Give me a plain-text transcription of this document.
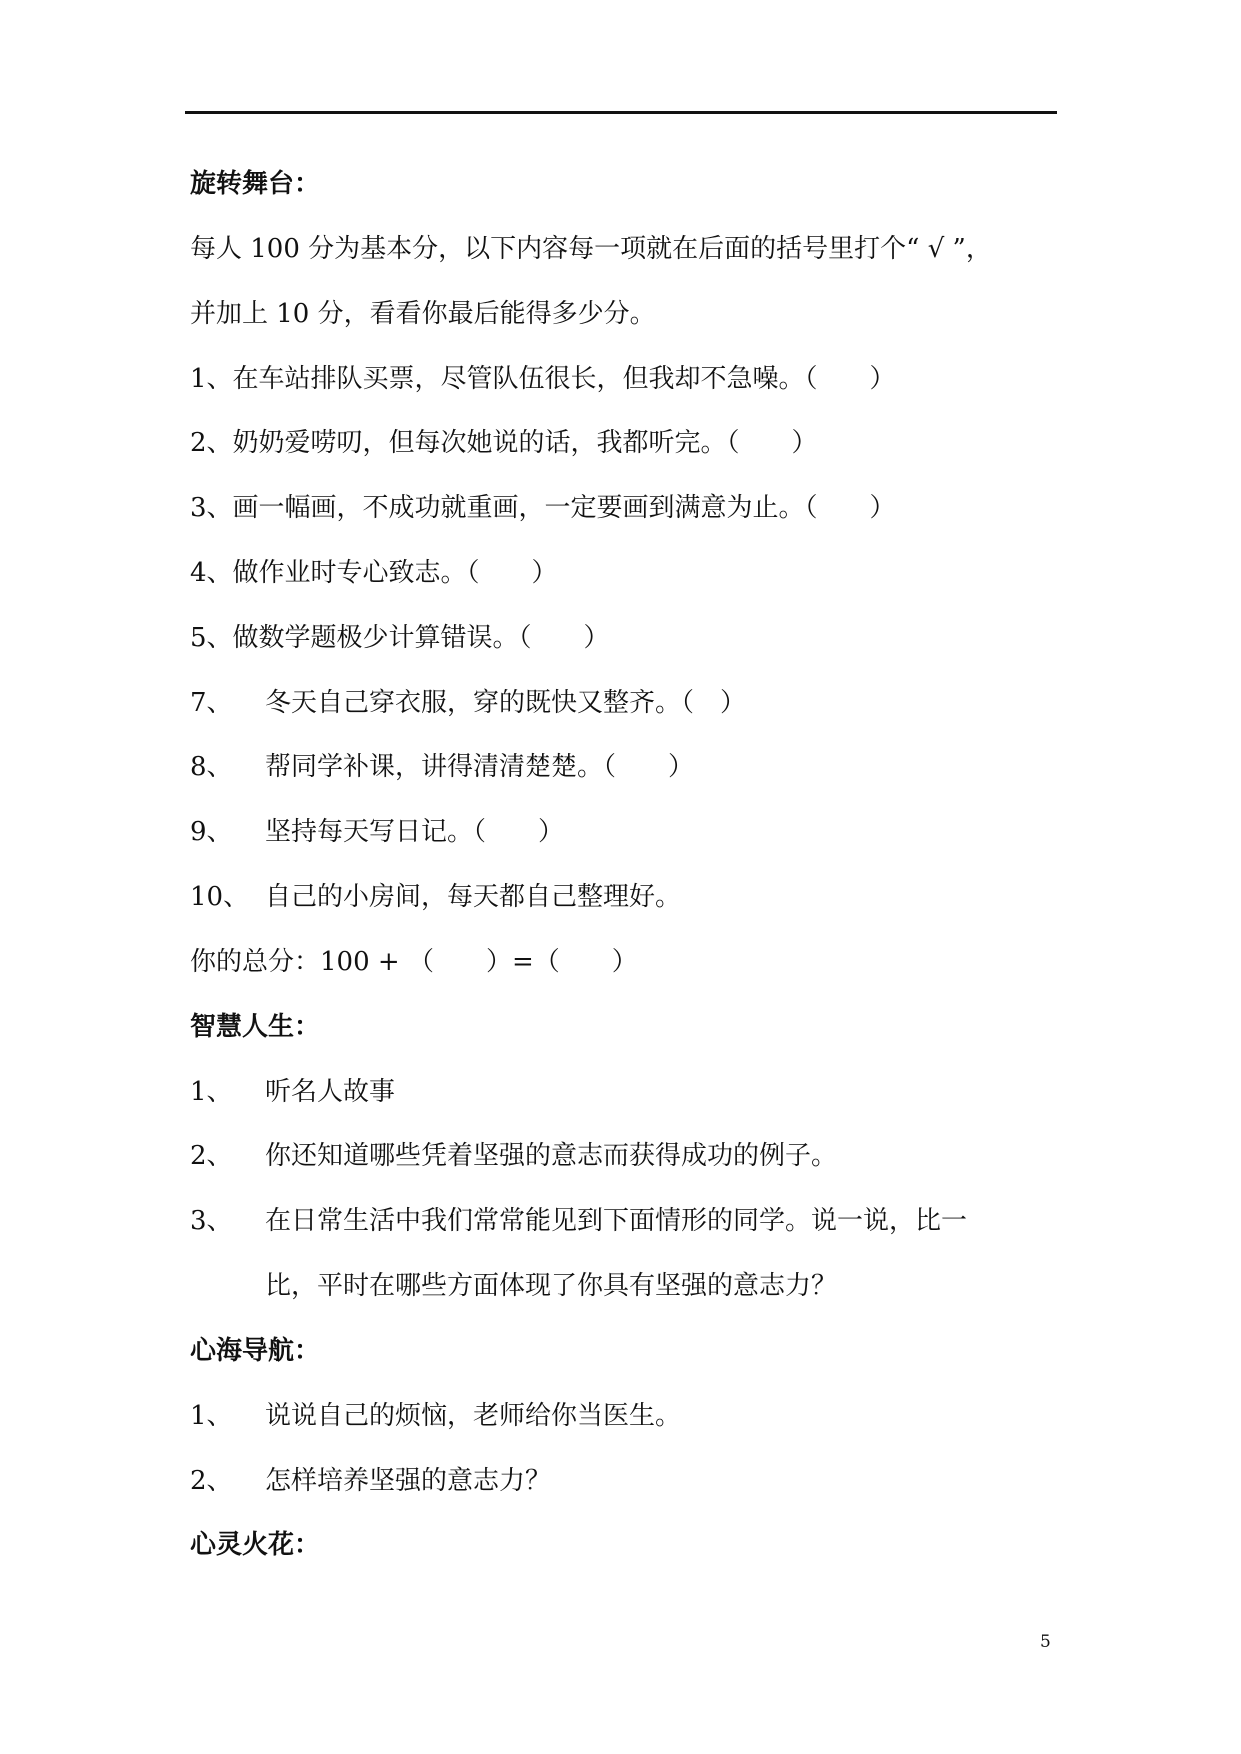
旋转舞台：
每人 100 分为基本分，以下内容每一项就在后面的括号里打个“ √ ”，
并加上 10 分，看看你最后能得多少分。
1、在车站排队买票，尽管队伍很长，但我却不急噪。（　　）
2、奶奶爱唠叨，但每次她说的话，我都听完。（　　）
3、画一幅画，不成功就重画，一定要画到满意为止。（　　）
4、做作业时专心致志。（　　）
5、做数学题极少计算错误。（　　）
7、 冬天自己穿衣服，穿的既快又整齐。（　）
8、 帮同学补课，讲得清清楚楚。（　　）
9、 坚持每天写日记。（　　）
10、 自己的小房间，每天都自己整理好。
你的总分：100 + （　　）=（　　）
智慧人生：
1、 听名人故事
2、 你还知道哪些凭着坚强的意志而获得成功的例子。
3、 在日常生活中我们常常能见到下面情形的同学。说一说，比一
比，平时在哪些方面体现了你具有坚强的意志力？
心海导航：
1、 说说自己的烦恼，老师给你当医生。
2、 怎样培养坚强的意志力？
心灵火花：
5
